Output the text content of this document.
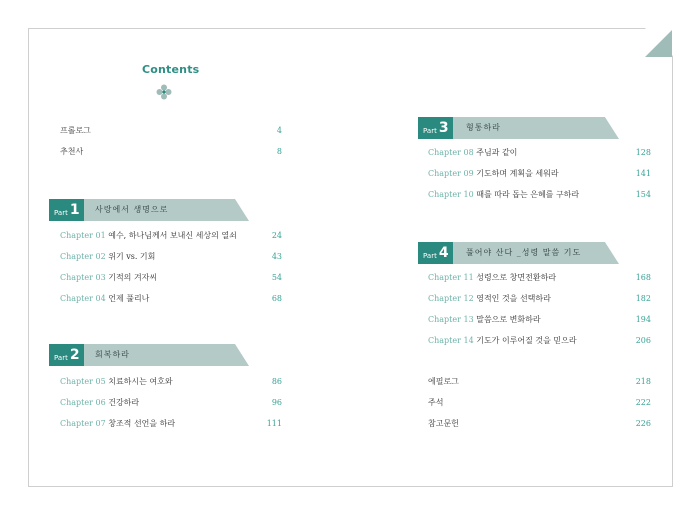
Contents
프롤로그	4
추천사	8
Part 1 사랑에서 생명으로
Chapter 01 예수, 하나님께서 보내신 세상의 열쇠	24
Chapter 02 위기 vs. 기회	43
Chapter 03 기적의 겨자씨	54
Chapter 04 언제 풀리나	68
Part 2 회복하라
Chapter 05 치료하시는 여호와	86
Chapter 06 건강하라	96
Chapter 07 창조적 선언을 하라	111
Part 3 형통하라
Chapter 08 주님과 같이	128
Chapter 09 기도하며 계획을 세워라	141
Chapter 10 때를 따라 돕는 은혜를 구하라	154
Part 4 풀어야 산다 _성령 말씀 기도
Chapter 11 성령으로 창면전환하라	168
Chapter 12 영적인 것을 선택하라	182
Chapter 13 말씀으로 변화하라	194
Chapter 14 기도가 이루어질 것을 믿으라	206
에필로그	218
주석	222
참고문헌	226
